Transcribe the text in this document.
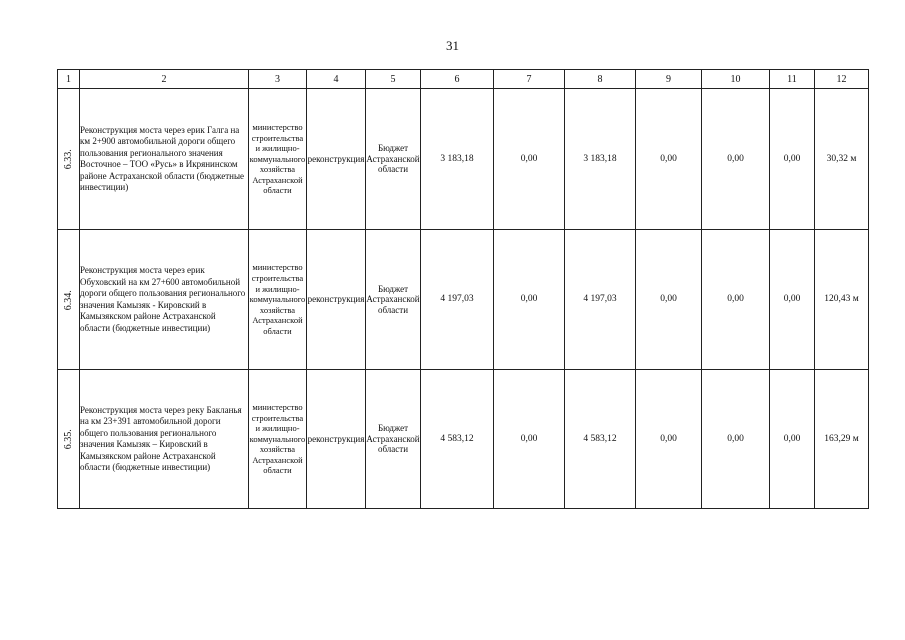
31
1	2	3	4	5	6	7	8	9	10	11	12
6.33.	Реконструкция моста через ерик Галга на км 2+900 автомобильной дороги общего пользования регионального значения Восточное – ТОО «Русь» в Икрянинском районе Астраханской области (бюджетные инвестиции)	министерство строительства и жилищно-коммунального хозяйства Астраханской области	реконструкция	Бюджет Астраханской области	3 183,18	0,00	3 183,18	0,00	0,00	0,00	30,32 м
6.34.	Реконструкция моста через ерик Обуховский на км 27+600 автомобильной дороги общего пользования регионального значения Камызяк - Кировский в Камызякском районе Астраханской области (бюджетные инвестиции)	министерство строительства и жилищно-коммунального хозяйства Астраханской области	реконструкция	Бюджет Астраханской области	4 197,03	0,00	4 197,03	0,00	0,00	0,00	120,43 м
6.35.	Реконструкция моста через реку Бакланья на км 23+391 автомобильной дороги общего пользования регионального значения Камызяк – Кировский в Камызякском районе Астраханской области (бюджетные инвестиции)	министерство строительства и жилищно-коммунального хозяйства Астраханской области	реконструкция	Бюджет Астраханской области	4 583,12	0,00	4 583,12	0,00	0,00	0,00	163,29 м
